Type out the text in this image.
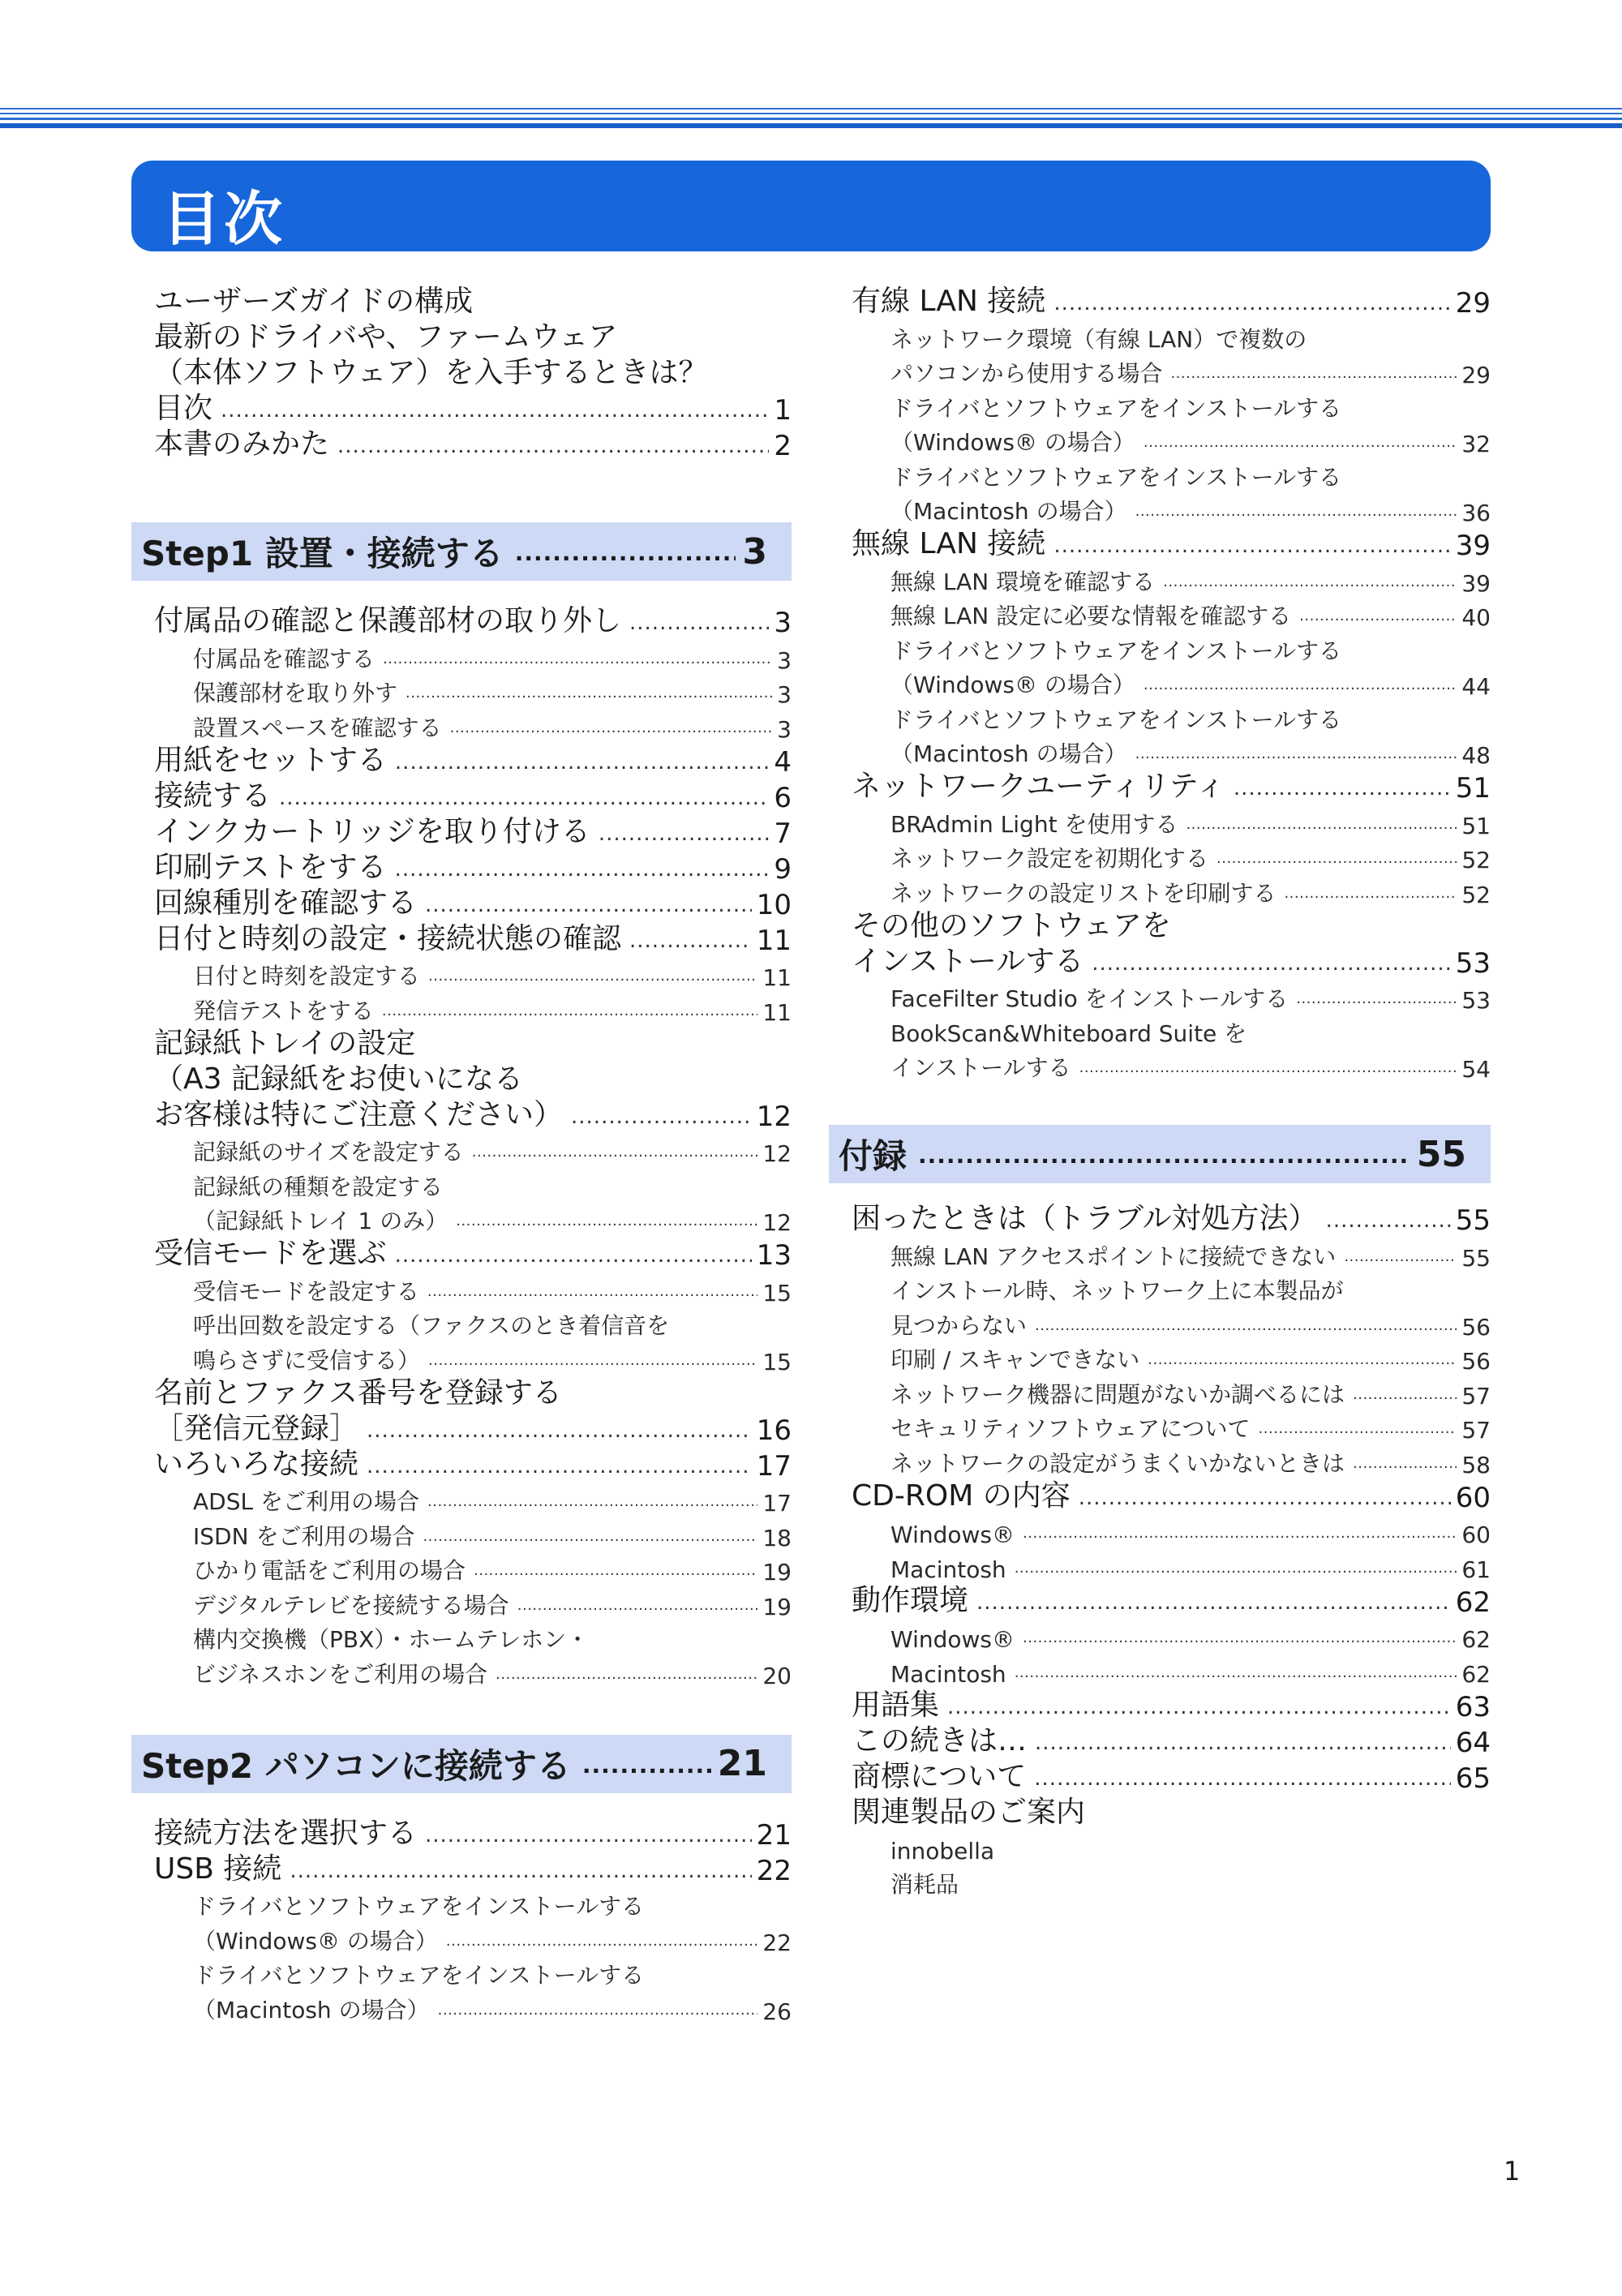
目次
ユーザーズガイドの構成
最新のドライバや、ファームウェア
（本体ソフトウェア）を入手するときは？
目次 .....	1
本書のみかた .....	2
Step1 設置・接続する .....	3
付属品の確認と保護部材の取り外し .....	3
付属品を確認する .....	3
保護部材を取り外す .....	3
設置スペースを確認する .....	3
用紙をセットする .....	4
接続する .....	6
インクカートリッジを取り付ける .....	7
印刷テストをする .....	9
回線種別を確認する .....	10
日付と時刻の設定・接続状態の確認 .....	11
日付と時刻を設定する .....	11
発信テストをする .....	11
記録紙トレイの設定
（A3 記録紙をお使いになる
お客様は特にご注意ください） .....	12
記録紙のサイズを設定する .....	12
記録紙の種類を設定する
（記録紙トレイ 1 のみ） .....	12
受信モードを選ぶ .....	13
受信モードを設定する .....	15
呼出回数を設定する（ファクスのとき着信音を
鳴らさずに受信する） .....	15
名前とファクス番号を登録する
［発信元登録］ .....	16
いろいろな接続 .....	17
ADSL をご利用の場合 .....	17
ISDN をご利用の場合 .....	18
ひかり電話をご利用の場合 .....	19
デジタルテレビを接続する場合 .....	19
構内交換機（PBX）・ホームテレホン・
ビジネスホンをご利用の場合 .....	20
Step2 パソコンに接続する .....	21
接続方法を選択する .....	21
USB 接続 .....	22
ドライバとソフトウェアをインストールする
（Windows® の場合） .....	22
ドライバとソフトウェアをインストールする
（Macintosh の場合） .....	26
有線 LAN 接続 .....	29
ネットワーク環境（有線 LAN）で複数の
パソコンから使用する場合 .....	29
ドライバとソフトウェアをインストールする
（Windows® の場合） .....	32
ドライバとソフトウェアをインストールする
（Macintosh の場合） .....	36
無線 LAN 接続 .....	39
無線 LAN 環境を確認する .....	39
無線 LAN 設定に必要な情報を確認する .....	40
ドライバとソフトウェアをインストールする
（Windows® の場合） .....	44
ドライバとソフトウェアをインストールする
（Macintosh の場合） .....	48
ネットワークユーティリティ .....	51
BRAdmin Light を使用する .....	51
ネットワーク設定を初期化する .....	52
ネットワークの設定リストを印刷する .....	52
その他のソフトウェアを
インストールする .....	53
FaceFilter Studio をインストールする .....	53
BookScan&Whiteboard Suite を
インストールする .....	54
付録 .....	55
困ったときは（トラブル対処方法） .....	55
無線 LAN アクセスポイントに接続できない .....	55
インストール時、ネットワーク上に本製品が
見つからない .....	56
印刷 / スキャンできない .....	56
ネットワーク機器に問題がないか調べるには .....	57
セキュリティソフトウェアについて .....	57
ネットワークの設定がうまくいかないときは .....	58
CD-ROM の内容 .....	60
Windows® .....	60
Macintosh .....	61
動作環境 .....	62
Windows® .....	62
Macintosh .....	62
用語集 .....	63
この続きは… .....	64
商標について .....	65
関連製品のご案内
innobella
消耗品
1
